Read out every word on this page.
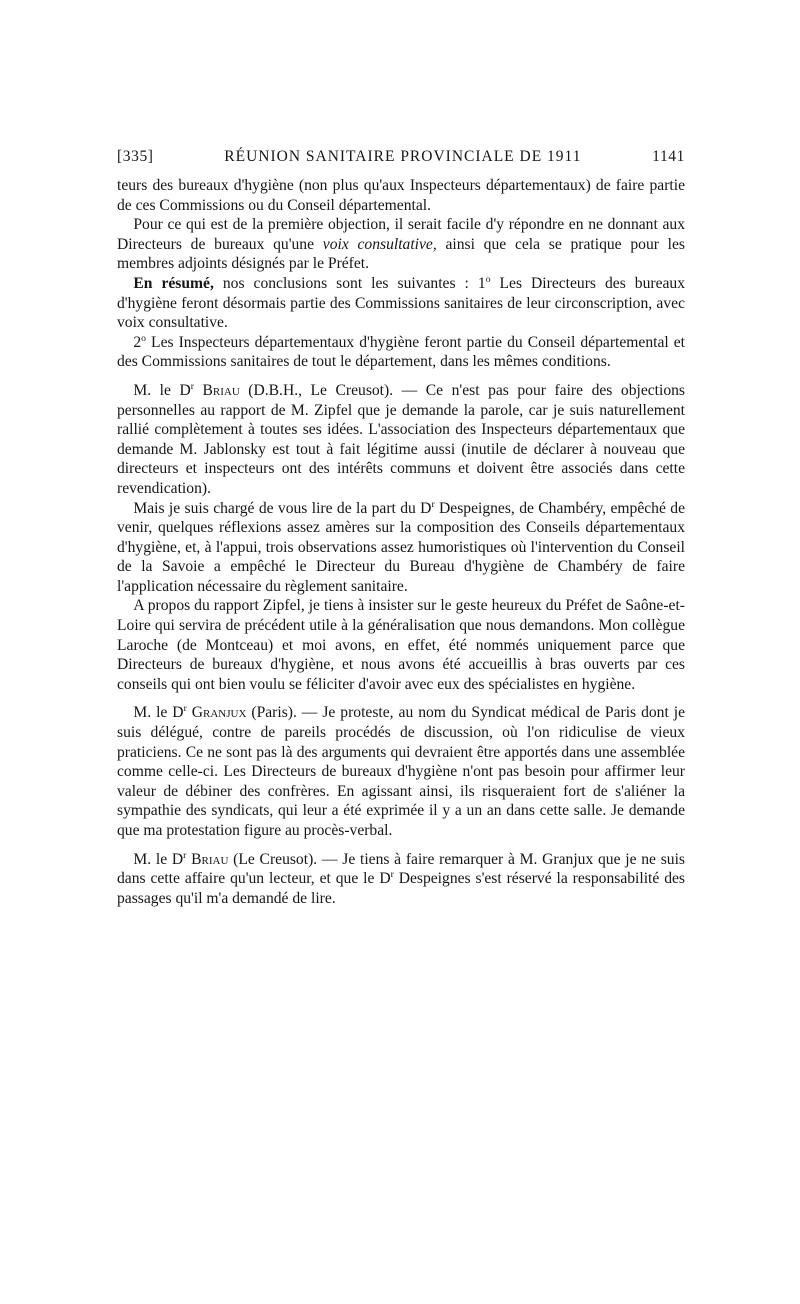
[335]	RÉUNION SANITAIRE PROVINCIALE DE 1911	1141

teurs des bureaux d'hygiène (non plus qu'aux Inspecteurs départementaux) de faire partie de ces Commissions ou du Conseil départemental.

Pour ce qui est de la première objection, il serait facile d'y répondre en ne donnant aux Directeurs de bureaux qu'une voix consultative, ainsi que cela se pratique pour les membres adjoints désignés par le Préfet.

En résumé, nos conclusions sont les suivantes : 1$^o$ Les Directeurs des bureaux d'hygiène feront désormais partie des Commissions sanitaires de leur circonscription, avec voix consultative.

2$^o$ Les Inspecteurs départementaux d'hygiène feront partie du Conseil départemental et des Commissions sanitaires de tout le département, dans les mêmes conditions.

M. le $D^r$ Briau (D.B.H., Le Creusot). — Ce n'est pas pour faire des objections personnelles au rapport de M. Zipfel que je demande la parole, car je suis naturellement rallié complètement à toutes ses idées. L'association des Inspecteurs départementaux que demande M. Jablonsky est tout à fait légitime aussi (inutile de déclarer à nouveau que directeurs et inspecteurs ont des intérêts communs et doivent être associés dans cette revendication).

Mais je suis chargé de vous lire de la part du $D^r$ Despeignes, de Chambéry, empêché de venir, quelques réflexions assez amères sur la composition des Conseils départementaux d'hygiène, et, à l'appui, trois observations assez humoristiques où l'intervention du Conseil de la Savoie a empêché le Directeur du Bureau d'hygiène de Chambéry de faire l'application nécessaire du règlement sanitaire.

A propos du rapport Zipfel, je tiens à insister sur le geste heureux du Préfet de Saône-et-Loire qui servira de précédent utile à la généralisation que nous demandons. Mon collègue Laroche (de Montceau) et moi avons, en effet, été nommés uniquement parce que Directeurs de bureaux d'hygiène, et nous avons été accueillis à bras ouverts par ces conseils qui ont bien voulu se féliciter d'avoir avec eux des spécialistes en hygiène.

M. le $D^r$ Granjux (Paris). — Je proteste, au nom du Syndicat médical de Paris dont je suis délégué, contre de pareils procédés de discussion, où l'on ridiculise de vieux praticiens. Ce ne sont pas là des arguments qui devraient être apportés dans une assemblée comme celle-ci. Les Directeurs de bureaux d'hygiène n'ont pas besoin pour affirmer leur valeur de débiner des confrères. En agissant ainsi, ils risqueraient fort de s'aliéner la sympathie des syndicats, qui leur a été exprimée il y a un an dans cette salle. Je demande que ma protestation figure au procès-verbal.

M. le $D^r$ Briau (Le Creusot). — Je tiens à faire remarquer à M. Granjux que je ne suis dans cette affaire qu'un lecteur, et que le $D^r$ Despeignes s'est réservé la responsabilité des passages qu'il m'a demandé de lire.
